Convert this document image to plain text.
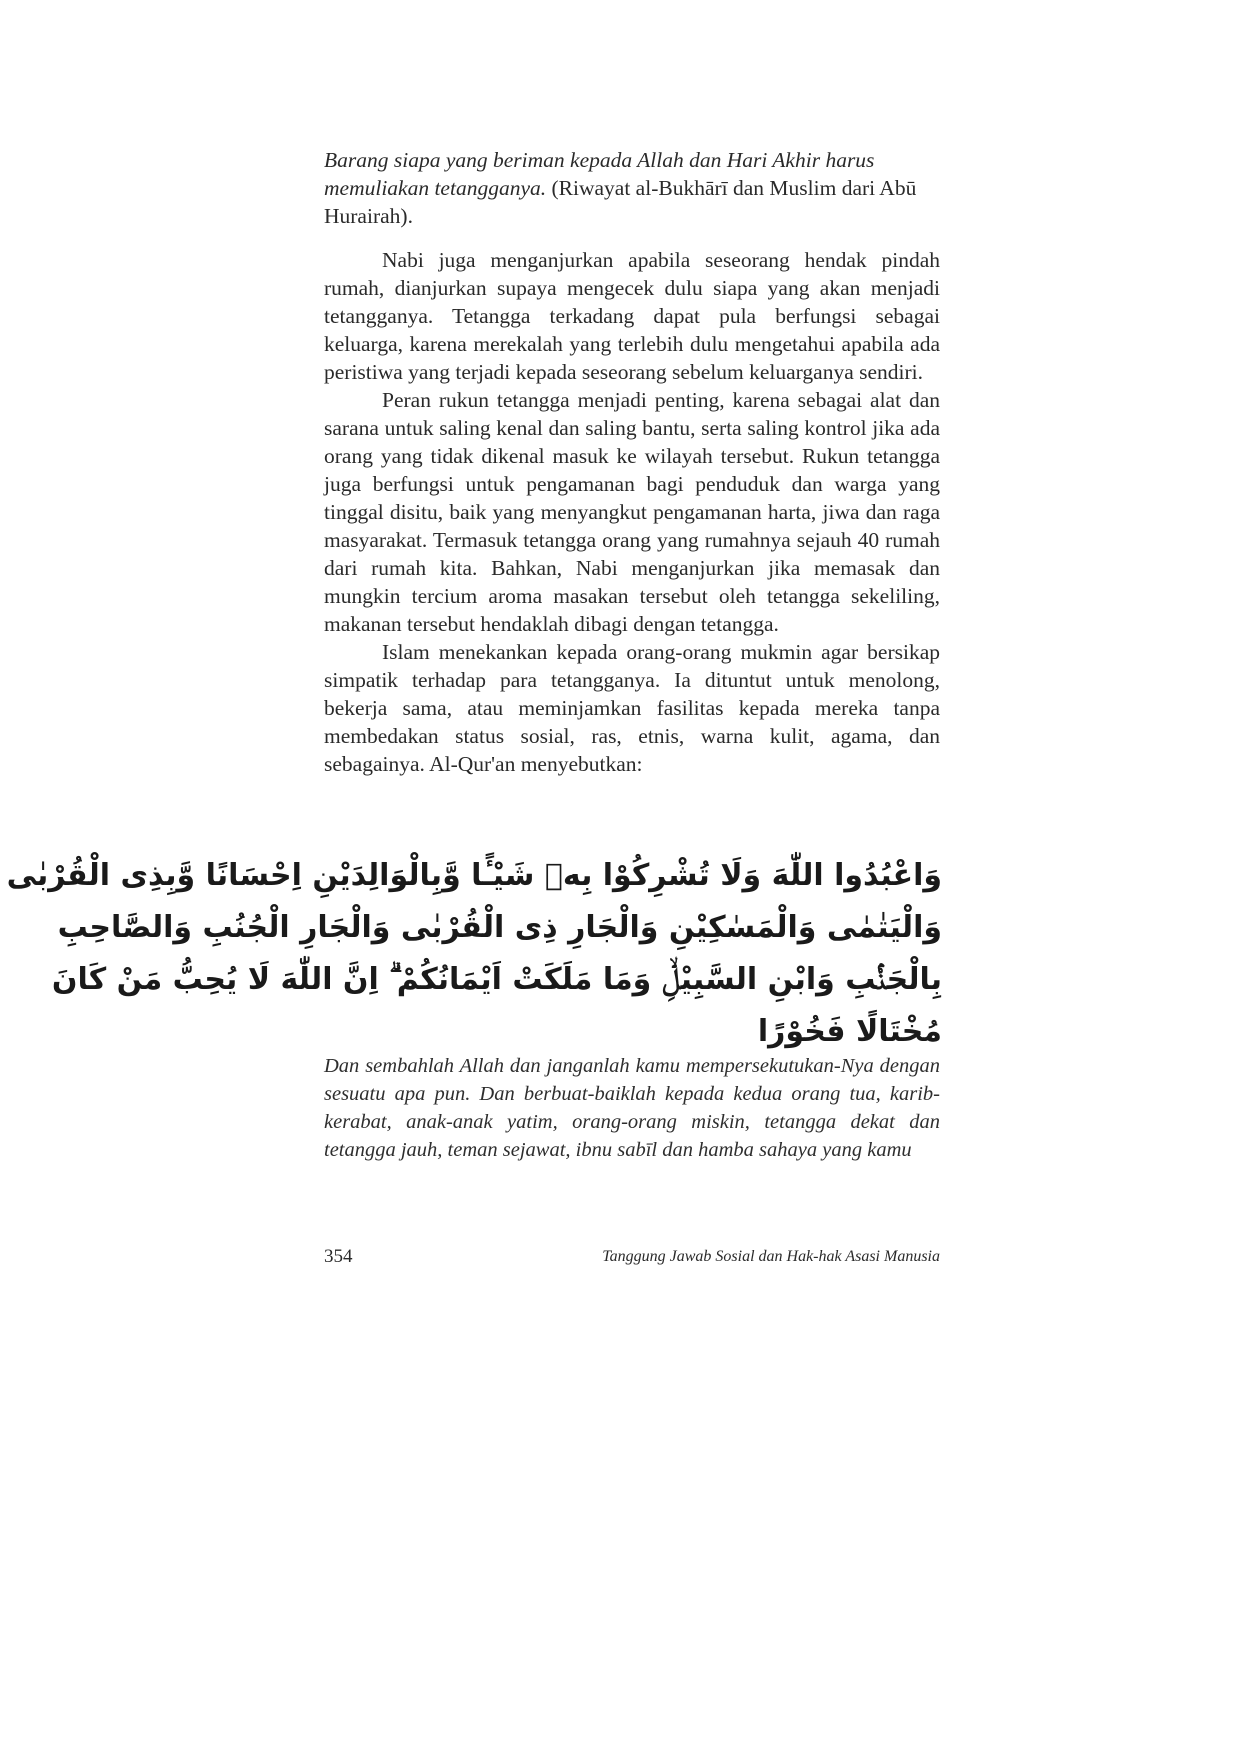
Barang siapa yang beriman kepada Allah dan Hari Akhir harus memuliakan tetangganya. (Riwayat al-Bukhārī dan Muslim dari Abū Hurairah).

Nabi juga menganjurkan apabila seseorang hendak pindah rumah, dianjurkan supaya mengecek dulu siapa yang akan menjadi tetangganya. Tetangga terkadang dapat pula berfungsi sebagai keluarga, karena merekalah yang terlebih dulu mengetahui apabila ada peristiwa yang terjadi kepada seseorang sebelum keluarganya sendiri.

Peran rukun tetangga menjadi penting, karena sebagai alat dan sarana untuk saling kenal dan saling bantu, serta saling kontrol jika ada orang yang tidak dikenal masuk ke wilayah tersebut. Rukun tetangga juga berfungsi untuk pengamanan bagi penduduk dan warga yang tinggal disitu, baik yang menyangkut pengamanan harta, jiwa dan raga masyarakat. Termasuk tetangga orang yang rumahnya sejauh 40 rumah dari rumah kita. Bahkan, Nabi menganjurkan jika memasak dan mungkin tercium aroma masakan tersebut oleh tetangga sekeliling, makanan tersebut hendaklah dibagi dengan tetangga.

Islam menekankan kepada orang-orang mukmin agar bersikap simpatik terhadap para tetangganya. Ia dituntut untuk menolong, bekerja sama, atau meminjamkan fasilitas kepada mereka tanpa membedakan status sosial, ras, etnis, warna kulit, agama, dan sebagainya. Al-Qur'an menyebutkan:

وَاعْبُدُوا اللّٰهَ وَلَا تُشْرِكُوْا بِهٖ شَيْـًٔا وَّبِالْوَالِدَيْنِ اِحْسَانًا وَّبِذِى الْقُرْبٰى
وَالْيَتٰمٰى وَالْمَسٰكِيْنِ وَالْجَارِ ذِى الْقُرْبٰى وَالْجَارِ الْجُنُبِ وَالصَّاحِبِ
بِالْجَنْۢبِ وَابْنِ السَّبِيْلِۙ وَمَا مَلَكَتْ اَيْمَانُكُمْ ۗ اِنَّ اللّٰهَ لَا يُحِبُّ مَنْ كَانَ
مُخْتَالًا فَخُوْرًا
Dan sembahlah Allah dan janganlah kamu mempersekutukan-Nya dengan sesuatu apa pun. Dan berbuat-baiklah kepada kedua orang tua, karib-kerabat, anak-anak yatim, orang-orang miskin, tetangga dekat dan tetangga jauh, teman sejawat, ibnu sabīl dan hamba sahaya yang kamu
354	Tanggung Jawab Sosial dan Hak-hak Asasi Manusia
